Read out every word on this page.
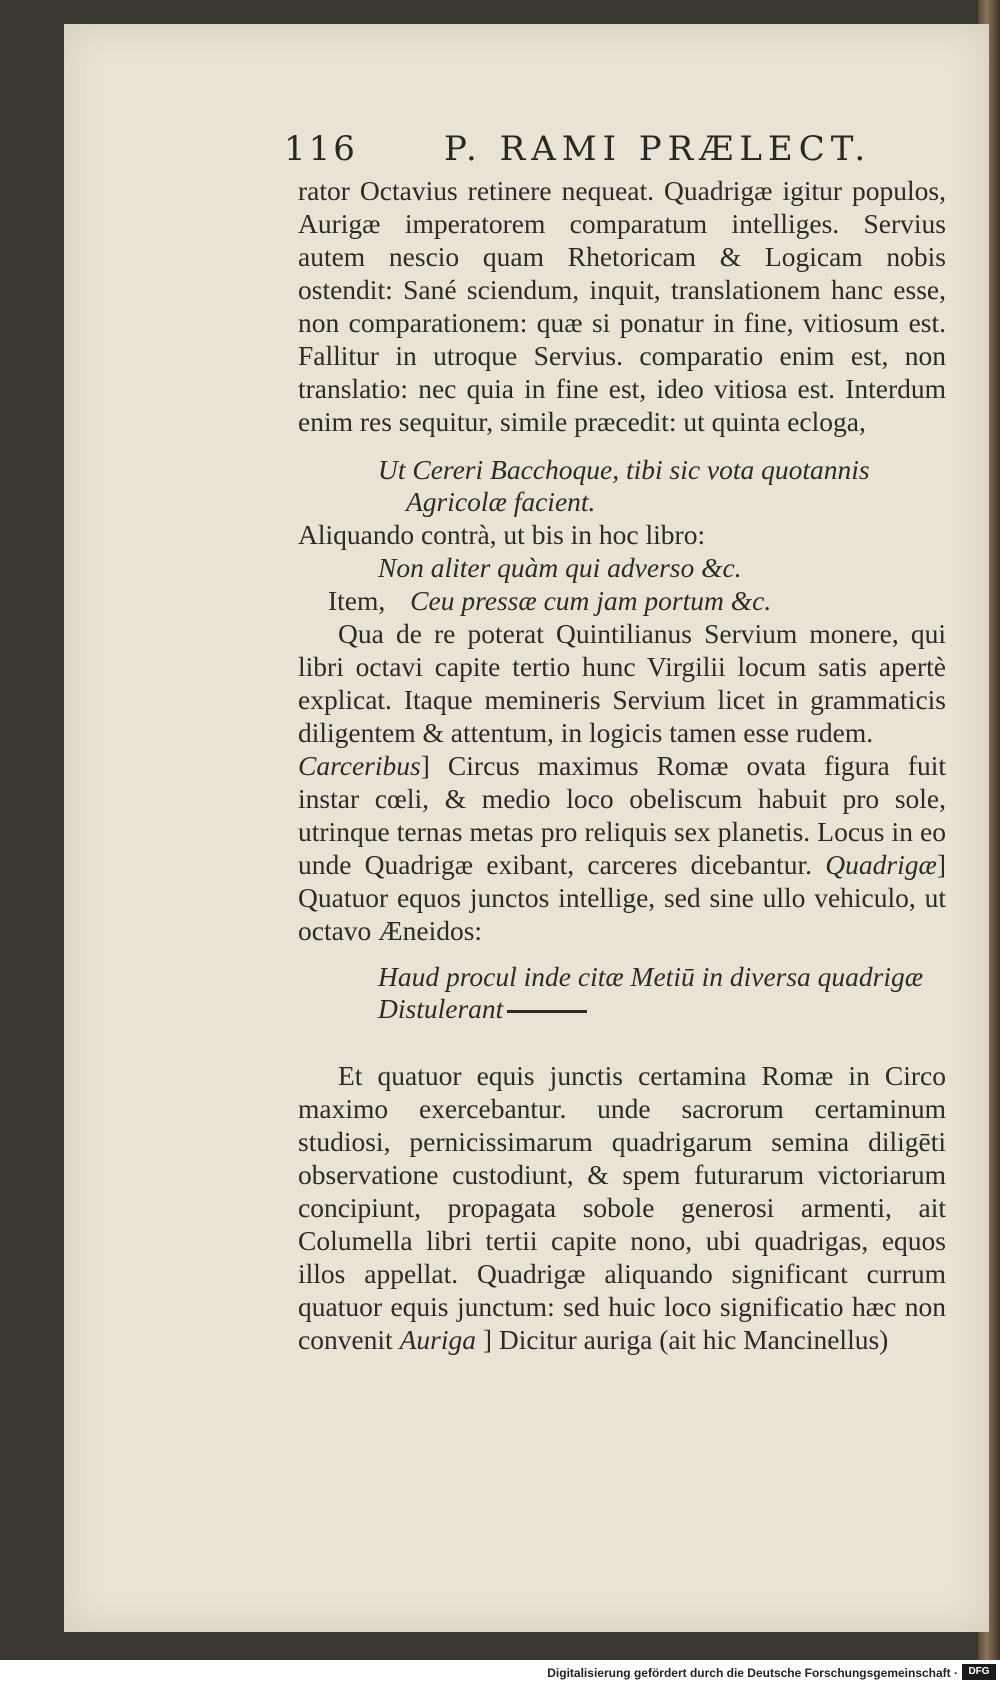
116	P. RAMI PRÆLECT.

rator Octavius retinere nequeat. Quadrigæ igitur populos, Aurigæ imperatorem comparatum intelliges. Servius autem nescio quam Rhetoricam & Logicam nobis ostendit: Sané sciendum, inquit, translationem hanc esse, non comparationem: quæ si ponatur in fine, vitiosum est. Fallitur in utroque Servius. comparatio enim est, non translatio: nec quia in fine est, ideo vitiosa est. Interdum enim res sequitur, simile præcedit: ut quinta ecloga,

Ut Cereri Bacchoque, tibi sic vota quotannis
Agricolæ facient.

Aliquando contrà, ut bis in hoc libro:

Non aliter quàm qui adverso &c.

Item, Ceu pressæ cum jam portum &c.

Qua de re poterat Quintilianus Servium monere, qui libri octavi capite tertio hunc Virgilii locum satis apertè explicat. Itaque memineris Servium licet in grammaticis diligentem & attentum, in logicis tamen esse rudem.

Carceribus] Circus maximus Romæ ovata figura fuit instar cœli, & medio loco obeliscum habuit pro sole, utrinque ternas metas pro reliquis sex planetis. Locus in eo unde Quadrigæ exibant, carceres dicebantur. Quadrigæ] Quatuor equos junctos intellige, sed sine ullo vehiculo, ut octavo Æneidos:

Haud procul inde citæ Metiū in diversa quadrigæ
Distulerant

Et quatuor equis junctis certamina Romæ in Circo maximo exercebantur. unde sacrorum certaminum studiosi, pernicissimarum quadrigarum semina diligēti observatione custodiunt, & spem futurarum victoriarum concipiunt, propagata sobole generosi armenti, ait Columella libri tertii capite nono, ubi quadrigas, equos illos appellat. Quadrigæ aliquando significant currum quatuor equis junctum: sed huic loco significatio hæc non convenit Auriga ] Dicitur auriga (ait hic Mancinellus)

Digitalisierung gefördert durch die Deutsche Forschungsgemeinschaft ·	DFG
